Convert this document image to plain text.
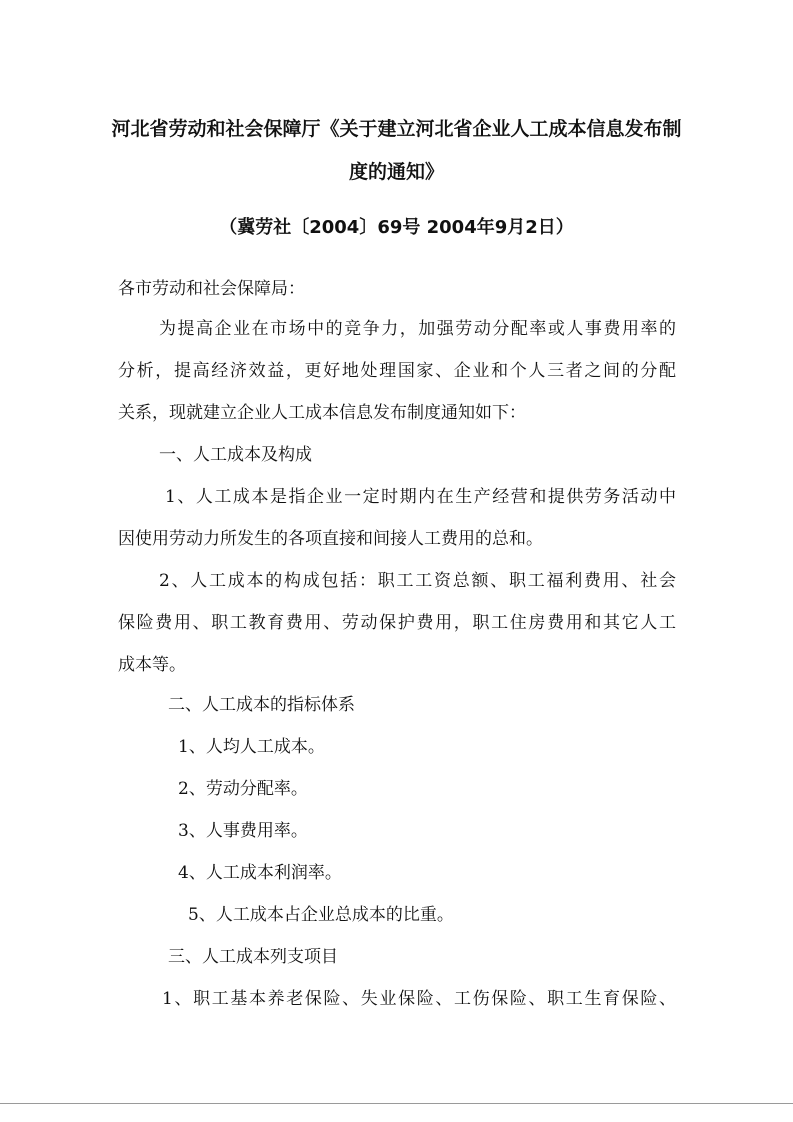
河北省劳动和社会保障厅《关于建立河北省企业人工成本信息发布制
度的通知》
（冀劳社〔2004〕69号 2004年9月2日）
各市劳动和社会保障局：
为提高企业在市场中的竞争力，加强劳动分配率或人事费用率的
分析，提高经济效益，更好地处理国家、企业和个人三者之间的分配
关系，现就建立企业人工成本信息发布制度通知如下：
一、人工成本及构成
1、人工成本是指企业一定时期内在生产经营和提供劳务活动中
因使用劳动力所发生的各项直接和间接人工费用的总和。
2、人工成本的构成包括：职工工资总额、职工福利费用、社会
保险费用、职工教育费用、劳动保护费用，职工住房费用和其它人工
成本等。
二、人工成本的指标体系
1、人均人工成本。
2、劳动分配率。
3、人事费用率。
4、人工成本利润率。
5、人工成本占企业总成本的比重。
三、人工成本列支项目
1、职工基本养老保险、失业保险、工伤保险、职工生育保险、
